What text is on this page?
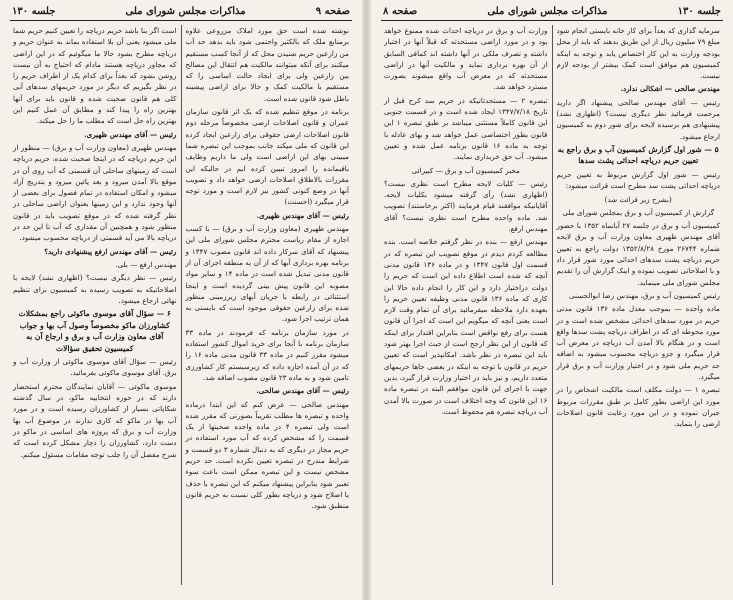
صفحه ۹
مذاکرات مجلس شورای ملی
جلسه ۱۳۰

نوشته شده است حق مورد املاک مزروعی علاوه برمنابع ملک که بالکثیر واحتمی شود باید بدهد حد آب من زارعین حریم شنیدن محل که از آنجا کسب مستقیم میکنند برای آنکه میتوانند مالکیت هم انتقال این مصالح بین زارعین ولی برای ایجاد حالت اساسی را که مستقیم با مالکیت کمک و حالا برای اراضی پیشینه باطل شود قانون شده است.

برنامه در موقع تنظیم شده که یک اثر قانون سازمان عمران و قانون اصلاحات ارضی مخصوصاً مرحله دوم قانون اصلاحات ارضی حقوقی برای زارعین ایجاد کرده این قانون که ملی میکند جانب بموجب این تبصره شما میبینی بهای این اراضی است ولی ما داریم وظایف باقیمانده را امروز تبیین کرده ایم در حالیکه این مقررات بالاطلاق اصلاحات ارضی خواهد داد و تصویب آنها در وضع کنونی کشور نیز لازم است و مورد توجه قرار میگیرد (احسنت)

رئیس — آقای مهندس ظهیری.

مهندس ظهیری (معاون وزارت آب و برق) — با کسب اجازه از مقام ریاست محترم مجلس شورای ملی این پیشنهاد که آقای سرکار داده اند قانون مصوب ۱۳۴۷ و برنامه بهره برداری آبها که از آن به منطقه اجرای آن از قانون مدنی تبدیل شده است در ماده ۱۴ و سایر مواد مصوبه این قانون پیش بینی گردیده است و اینجا استثنائی در رابطه با جریان آبهای زیرزمینی منظور شده برای زارعین حقوقی موجود است که بایستی به همان ترتیب اجرا شود.

در مورد سازمان برنامه که فرمودند در ماده ۳۳ سازمان برنامه با آنجا برای خرید اموال کشور استفاده میشود مقرر کنیم در ماده ۳۳ قانون مدنی ماده ۱۶ را که در آن آمده اجازه داده که زیرسیستم کار کشاورزی تامین شود و به ماده ۲۳ قانون مصوب اضافه شد.

رئیس — آقای مهندس صالحی.

مهندس صالحی — عرض کنم که این ابتدا درماده واحده و تبصره ها مطلب تقریباً بصورتی که مقرر شده است ولی تبصره ۴ در ماده واحده صحبتها از یک قسمت را که مشخص کرده که آب مورد استفاده در حریم مجاز در دیگری که به دنبال شماره ۳ دو قسمت و شرایط مندرج در تبصره تعیین نکرده است. حد حریم مشخص نیست و این تبصره ممکن است باعث سوء تعبیر شود بنابراین پیشنهاد میکنم که این تبصره با حذف یا اصلاح شود و دریاچه بطور کلی نسبت به حریم قانون منطبق شود.

است اگر بنا باشد حریم دریاچه را تعیین کنیم حریم شما ملی میشود یعنی آن بلا استفاده بماند به عنوان حریم و دریاچه مطرح بشود حالا ما میگوئیم که در این اراضی که مجاور دریاچه هستند مادام که احتیاج به آن نیست روشن بشود که بعداً برای کدام یک از اطراف حریم را در نظر بگیریم که دیگر در مورد حریمهای سدهای آبی کلی هم قانون صحبت شده و قانون باید برای آنها بهترین راه را پیدا کند و مطابق آن عمل کنیم این بهترین راه حل است که مطلب ما را حل میکند.

رئیس — آقای مهندس ظهیری.

مهندس ظهیری (معاون وزارت آب و برق) — منظور از این حریم دریاچه که در اینجا صحبت شده، حریم دریاچه است که زمینهای ساحلی آن قسمتی که آب روی آن در موقع بالا آمدن میرود و بعد پائین میرود و بتدریج آزاد میشود و امکان استفاده در تمام فصول برای بعضی از آنها وجود ندارد و این زمینها بعنوان اراضی ساحلی در نظر گرفته شده که در موقع تصویب باید در قانون منظور شود و همچنین آن مقداری که آب تا این حد در دریاچه بالا می آید قسمتی از دریاچه محسوب میشود.

رئیس — آقای مهندس ارفع پیشنهادی دارید؟

مهندس ارفع — بلی.

رئیس — نظر دیگری نیست؟ (اظهاری نشد) لایحه با اصلاحاتیکه به تصویب رسیده به کمیسیون برای تنظیم نهائی ارجاع میشود.

۶ — سؤال آقای موسوی ماکوئی راجع بمشکلات کشاورزان ماکو مخصوصاً وصول آب بها و جواب آقای معاون وزارت آب و برق و ارجاع آن به کمیسیون تحقیق سؤالات

رئیس — سؤال آقای موسوی ماکوئی از وزارت آب و برق. آقای موسوی ماکوئی بفرمائید.

موسوی ماکوئی — آقایان نمایندگان محترم استحضار دارند که در حوزه انتخابیه ماکو، در سال گذشته شکایاتی بسیار از کشاورزان رسیده است و در مورد آب بها در ماکو که کاری ندارند در موضوع آب بها وزارت آب و برق که پروژه های اساسی در ماکو در دست دارد، کشاورزان را دچار مشکل کرده است که شرح مفصل آن را جلب توجه مقامات مسئول میکنم.

جلسه ۱۳۰
مذاکرات مجلس شورای ملی
صفحه ۸

سرمایه گذاری که بعداً برای کار خانه بایستی انجام شود مبلغ ۷۹ میلیون ریال از این طریق بدهند که باید از محل بودجه وزارت به این کار اختصاص یابد و توجه به اینکه کمیسیون هم موافق است کمک بیشتر از بودجه لازم نیست.

مهندس صالحی — اشکالی ندارد.

رئیس — آقای مهندس صالحی پیشنهاد اگر دارید مرحمت فرمائید نظر دیگری نیست؟ (اظهاری نشد) پیشنهادی هم برسیده لایحه برای شور دوم به کمیسیون ارجاع میشود.

۵ — شور اول گزارش کمیسیون آب و برق راجع به تعیین حریم دریاچه احداثی پشت سدها

رئیس — شور اول گزارش مربوط به تعیین حریم دریاچه احداثی پشت سد مطرح است قرائت میشود:

(بشرح زیر قرائت شد)

گزارش از کمیسیون آب و برق بمجلس شورای ملی

کمیسیون آب و برق در جلسه ۲۷ آبانماه ۱۳۵۲ با حضور آقای مهندس ظهیری معاون وزارت آب و برق لایحه شماره ۲۶۷۴۴ مورخ ۱۳۵۲/۸/۲۸ دولت راجع به تعیین حریم دریاچه پشت سدهای احداثی مورد شور قرار داد و با اصلاحاتی تصویب نموده و اینک گزارش آن را تقدیم مجلس شورای ملی مینماید.

رئیس کمیسیون آب و برق، مهندس رضا ابوالحسنی

ماده واحده — بموجب معدل ماده ۱۳۶ قانون مدنی حریم در مورد سدهای احداثی مشخص شده است و در مورد محوطه ای که در اطراف دریاچه پشت سدها واقع است و در هنگام بالا آمدن آب دریاچه در معرض آب قرار میگیرد و جزو دریاچه محسوب میشود به اضافه حد حریم ملی شود و در اختیار وزارت آب و برق قرار میگیرد.

تبصره ۱ — دولت مکلف است مالکیت اشخاص را در مورد این اراضی بطور کامل بر طبق مقررات مربوط جبران نموده و در این مورد رعایت قانون اصلاحات ارضی را بنماید.

وزارت آب و برق در دریاچه احداث شده ممنوع خواهد بود و در مورد اراضی مستحدثه که قبلاً آنها در اختیار داشته و تصرف ملکی در آنها داشته اند کمافی السابق از آن بهره برداری نماید و مالکیت آنها در اراضی مستحدثه که در معرض آب واقع میشوند بصورت مسترد خواهد شد.

تبصره ۲ — مستحدثاتیکه در حریم سد کرج قبل از تاریخ ۱۳۴۷/۷/۱۸ ایجاد شده است و در قسمت جنوبی این قانون کاملاً مستثنی میباشد بر طبق تبصره ۱ این قانون بطور اختصاصی عمل خواهد شد و بهای عادله با توجه به ماده ۱۶ قانون برنامه عمل شده و تعیین میشود. آب حق خریداری نمایند.

مخبر کمیسیون آب و برق — کبیرائی

رئیس — کلیات لایحه مطرح است نظری نیست؟ (اظهاری نشد) رأی گرفته میشود بکلیات لایحه. آقایانیکه موافقند قیام فرمایند (اکثر برخاستند) تصویب شد. ماده واحده مطرح است نظری نیست؟ آقای مهندس ارفع.

مهندس ارفع — بنده در نظر گرفتم خلاصه است. بنده مطالعه کردم دیدم در موقع تصویب این تبصره که در قسمت اول قانون ۱۳۴۷ و در ماده ۱۳۶ قانون مدنی آنچه که شده است اطلاع داده این است که حریم را دولت دراختیار دارد و این کار را انجام داده حالا این کاری که ماده ۱۳۶ قانون مدنی وظیفه تعیین حریم را بعهده دارد ملاحظه میفرمائید برای آن تمام وقت لازم است یعنی آنچه که میگویم این است که اجرا آن قانون هست برای رفع نواقص است بنابراین اقتدار برای اینکه که قانون از این نظر ارجح است از حیث اجرا بهتر شود باید این تبصره در نظر باشد. امکانپذیر است که تعیین حریم در قانون با توجه به اینکه در بعضی جاها حریمهای متعدد داریم، و نیز باید در اختیار وزارت قرار گیرد، بدین جهت با اجرای این قانون موافقم البته در تبصره ماده ۱۶ این قانون که وجه اختلاف است در صورت بالا آمدن آب دریاچه تبصره هم محفوظ است.
